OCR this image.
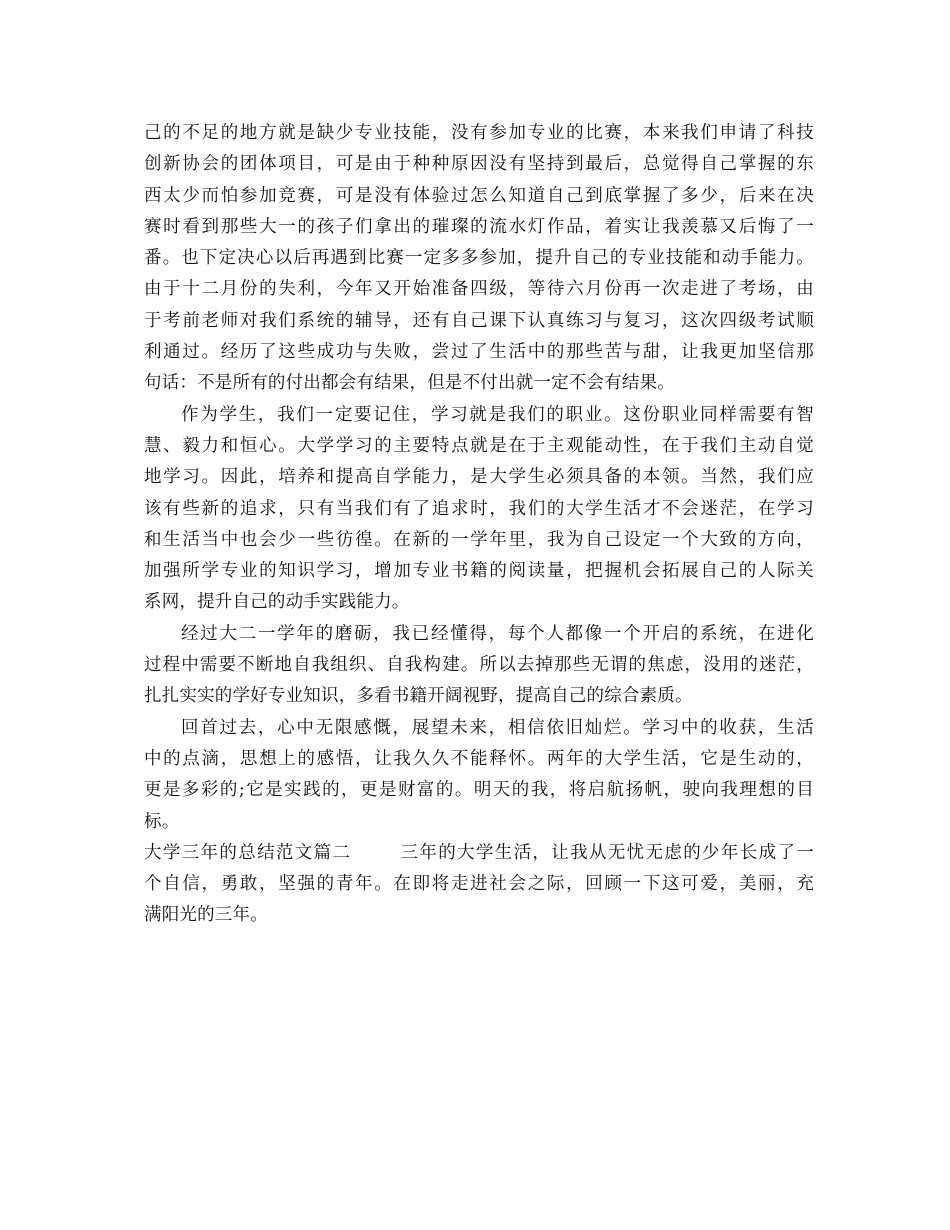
己的不足的地方就是缺少专业技能，没有参加专业的比赛，本来我们申请了科技
创新协会的团体项目，可是由于种种原因没有坚持到最后，总觉得自己掌握的东
西太少而怕参加竞赛，可是没有体验过怎么知道自己到底掌握了多少，后来在决
赛时看到那些大一的孩子们拿出的璀璨的流水灯作品，着实让我羡慕又后悔了一
番。也下定决心以后再遇到比赛一定多多参加，提升自己的专业技能和动手能力。
由于十二月份的失利，今年又开始准备四级，等待六月份再一次走进了考场，由
于考前老师对我们系统的辅导，还有自己课下认真练习与复习，这次四级考试顺
利通过。经历了这些成功与失败，尝过了生活中的那些苦与甜，让我更加坚信那
句话：不是所有的付出都会有结果，但是不付出就一定不会有结果。
作为学生，我们一定要记住，学习就是我们的职业。这份职业同样需要有智
慧、毅力和恒心。大学学习的主要特点就是在于主观能动性，在于我们主动自觉
地学习。因此，培养和提高自学能力，是大学生必须具备的本领。当然，我们应
该有些新的追求，只有当我们有了追求时，我们的大学生活才不会迷茫，在学习
和生活当中也会少一些彷徨。在新的一学年里，我为自己设定一个大致的方向，
加强所学专业的知识学习，增加专业书籍的阅读量，把握机会拓展自己的人际关
系网，提升自己的动手实践能力。
经过大二一学年的磨砺，我已经懂得，每个人都像一个开启的系统，在进化
过程中需要不断地自我组织、自我构建。所以去掉那些无谓的焦虑，没用的迷茫，
扎扎实实的学好专业知识，多看书籍开阔视野，提高自己的综合素质。
回首过去，心中无限感慨，展望未来，相信依旧灿烂。学习中的收获，生活
中的点滴，思想上的感悟，让我久久不能释怀。两年的大学生活，它是生动的，
更是多彩的;它是实践的，更是财富的。明天的我，将启航扬帆，驶向我理想的目
标。
大学三年的总结范文篇二	三年的大学生活，让我从无忧无虑的少年长成了一
个自信，勇敢，坚强的青年。在即将走进社会之际，回顾一下这可爱，美丽，充
满阳光的三年。
